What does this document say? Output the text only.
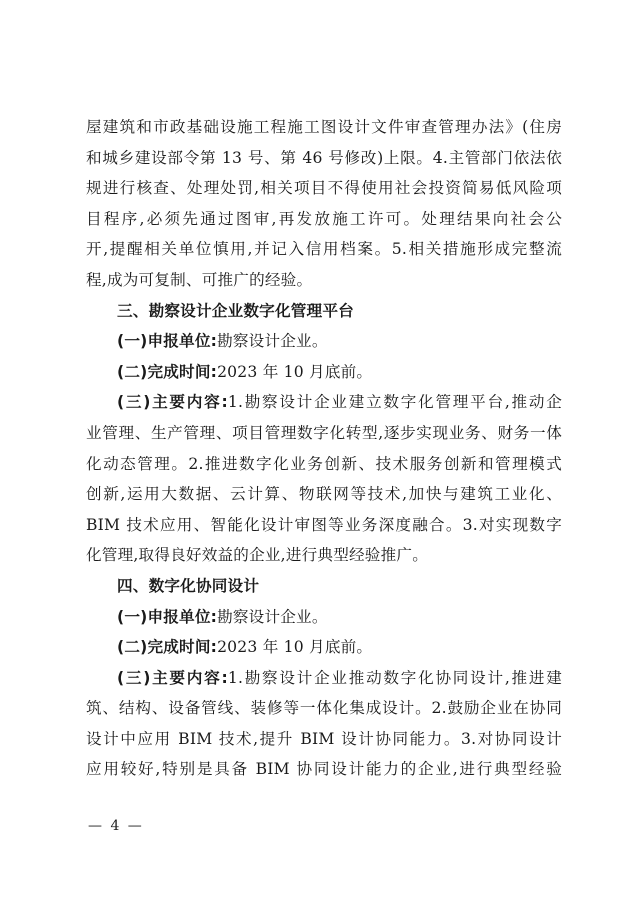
屋建筑和市政基础设施工程施工图设计文件审查管理办法》(住房
和城乡建设部令第 13 号、第 46 号修改)上限。4.主管部门依法依
规进行核查、处理处罚,相关项目不得使用社会投资简易低风险项
目程序,必须先通过图审,再发放施工许可。处理结果向社会公
开,提醒相关单位慎用,并记入信用档案。5.相关措施形成完整流
程,成为可复制、可推广的经验。
三、勘察设计企业数字化管理平台
(一)申报单位:勘察设计企业。
(二)完成时间:2023 年 10 月底前。
(三)主要内容:1.勘察设计企业建立数字化管理平台,推动企
业管理、生产管理、项目管理数字化转型,逐步实现业务、财务一体
化动态管理。2.推进数字化业务创新、技术服务创新和管理模式
创新,运用大数据、云计算、物联网等技术,加快与建筑工业化、
BIM 技术应用、智能化设计审图等业务深度融合。3.对实现数字
化管理,取得良好效益的企业,进行典型经验推广。
四、数字化协同设计
(一)申报单位:勘察设计企业。
(二)完成时间:2023 年 10 月底前。
(三)主要内容:1.勘察设计企业推动数字化协同设计,推进建
筑、结构、设备管线、装修等一体化集成设计。2.鼓励企业在协同
设计中应用 BIM 技术,提升 BIM 设计协同能力。3.对协同设计
应用较好,特别是具备 BIM 协同设计能力的企业,进行典型经验
— 4 —
